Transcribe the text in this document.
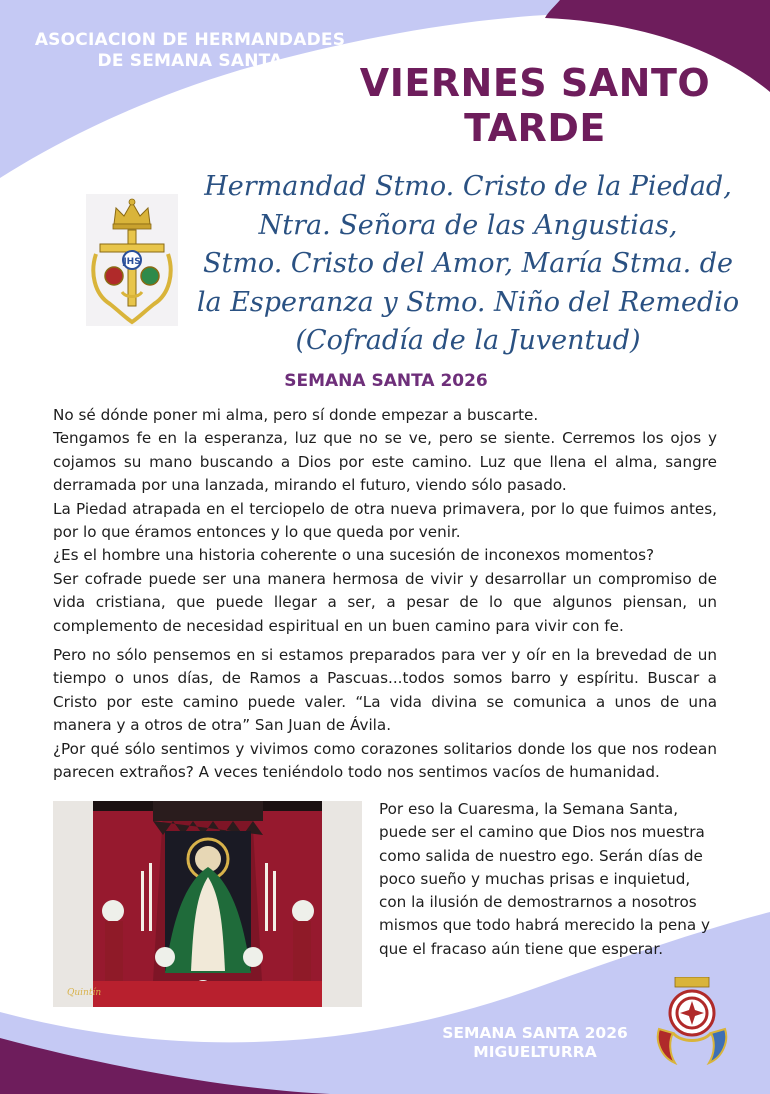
ASOCIACION DE HERMANDADES
DE SEMANA SANTA	VIERNES SANTO
TARDE
JHS
Hermandad Stmo. Cristo de la Piedad,
Ntra. Señora de las Angustias,
Stmo. Cristo del Amor, María Stma. de
la Esperanza y Stmo. Niño del Remedio
(Cofradía de la Juventud)
SEMANA SANTA 2026

No sé dónde poner mi alma, pero sí donde empezar a buscarte.

Tengamos fe en la esperanza, luz que no se ve, pero se siente. Cerremos los ojos y cojamos su mano buscando a Dios por este camino. Luz que llena el alma, sangre derramada por una lanzada, mirando el futuro, viendo sólo pasado.

La Piedad atrapada en el terciopelo de otra nueva primavera, por lo que fuimos antes, por lo que éramos entonces y lo que queda por venir.

¿Es el hombre una historia coherente o una sucesión de inconexos momentos?

Ser cofrade puede ser una manera hermosa de vivir y desarrollar un compromiso de vida cristiana, que puede llegar a ser, a pesar de lo que algunos piensan, un complemento de necesidad espiritual en un buen camino para vivir con fe.

Pero no sólo pensemos en si estamos preparados para ver y oír en la brevedad de un tiempo o unos días, de Ramos a Pascuas...todos somos barro y espíritu. Buscar a Cristo por este camino puede valer. “La vida divina se comunica a unos de una manera y a otros de otra” San Juan de Ávila.

¿Por qué sólo sentimos y vivimos como corazones solitarios donde los que nos rodean parecen extraños? A veces teniéndolo todo nos sentimos vacíos de humanidad.

Quintín

Por eso la Cuaresma, la Semana Santa, puede ser el camino que Dios nos muestra como salida de nuestro ego. Serán días de poco sueño y muchas prisas e inquietud, con la ilusión de demostrarnos a nosotros mismos que todo habrá merecido la pena y que el fracaso aún tiene que esperar.

SEMANA SANTA 2026
MIGUELTURRA
